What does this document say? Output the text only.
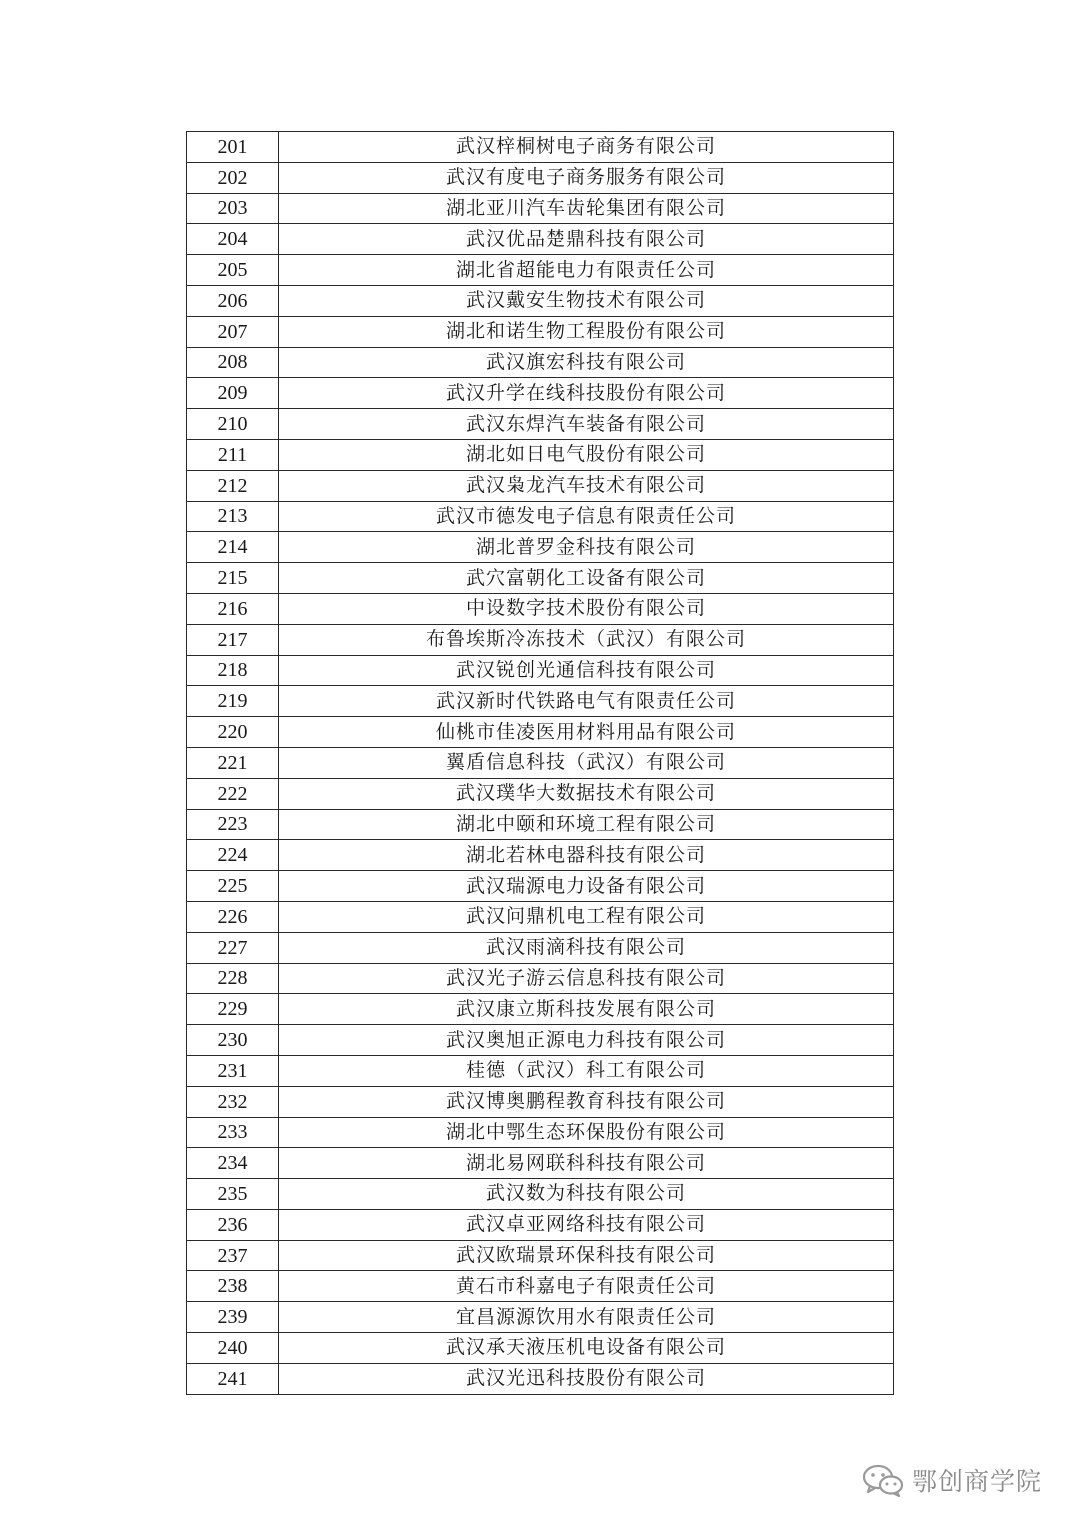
201	武汉梓桐树电子商务有限公司
202	武汉有度电子商务服务有限公司
203	湖北亚川汽车齿轮集团有限公司
204	武汉优品楚鼎科技有限公司
205	湖北省超能电力有限责任公司
206	武汉戴安生物技术有限公司
207	湖北和诺生物工程股份有限公司
208	武汉旗宏科技有限公司
209	武汉升学在线科技股份有限公司
210	武汉东焊汽车装备有限公司
211	湖北如日电气股份有限公司
212	武汉枭龙汽车技术有限公司
213	武汉市德发电子信息有限责任公司
214	湖北普罗金科技有限公司
215	武穴富朝化工设备有限公司
216	中设数字技术股份有限公司
217	布鲁埃斯冷冻技术（武汉）有限公司
218	武汉锐创光通信科技有限公司
219	武汉新时代铁路电气有限责任公司
220	仙桃市佳凌医用材料用品有限公司
221	翼盾信息科技（武汉）有限公司
222	武汉璞华大数据技术有限公司
223	湖北中颐和环境工程有限公司
224	湖北若林电器科技有限公司
225	武汉瑞源电力设备有限公司
226	武汉问鼎机电工程有限公司
227	武汉雨滴科技有限公司
228	武汉光子游云信息科技有限公司
229	武汉康立斯科技发展有限公司
230	武汉奥旭正源电力科技有限公司
231	桂德（武汉）科工有限公司
232	武汉博奥鹏程教育科技有限公司
233	湖北中鄂生态环保股份有限公司
234	湖北易网联科科技有限公司
235	武汉数为科技有限公司
236	武汉卓亚网络科技有限公司
237	武汉欧瑞景环保科技有限公司
238	黄石市科嘉电子有限责任公司
239	宜昌源源饮用水有限责任公司
240	武汉承天液压机电设备有限公司
241	武汉光迅科技股份有限公司
鄂创商学院
